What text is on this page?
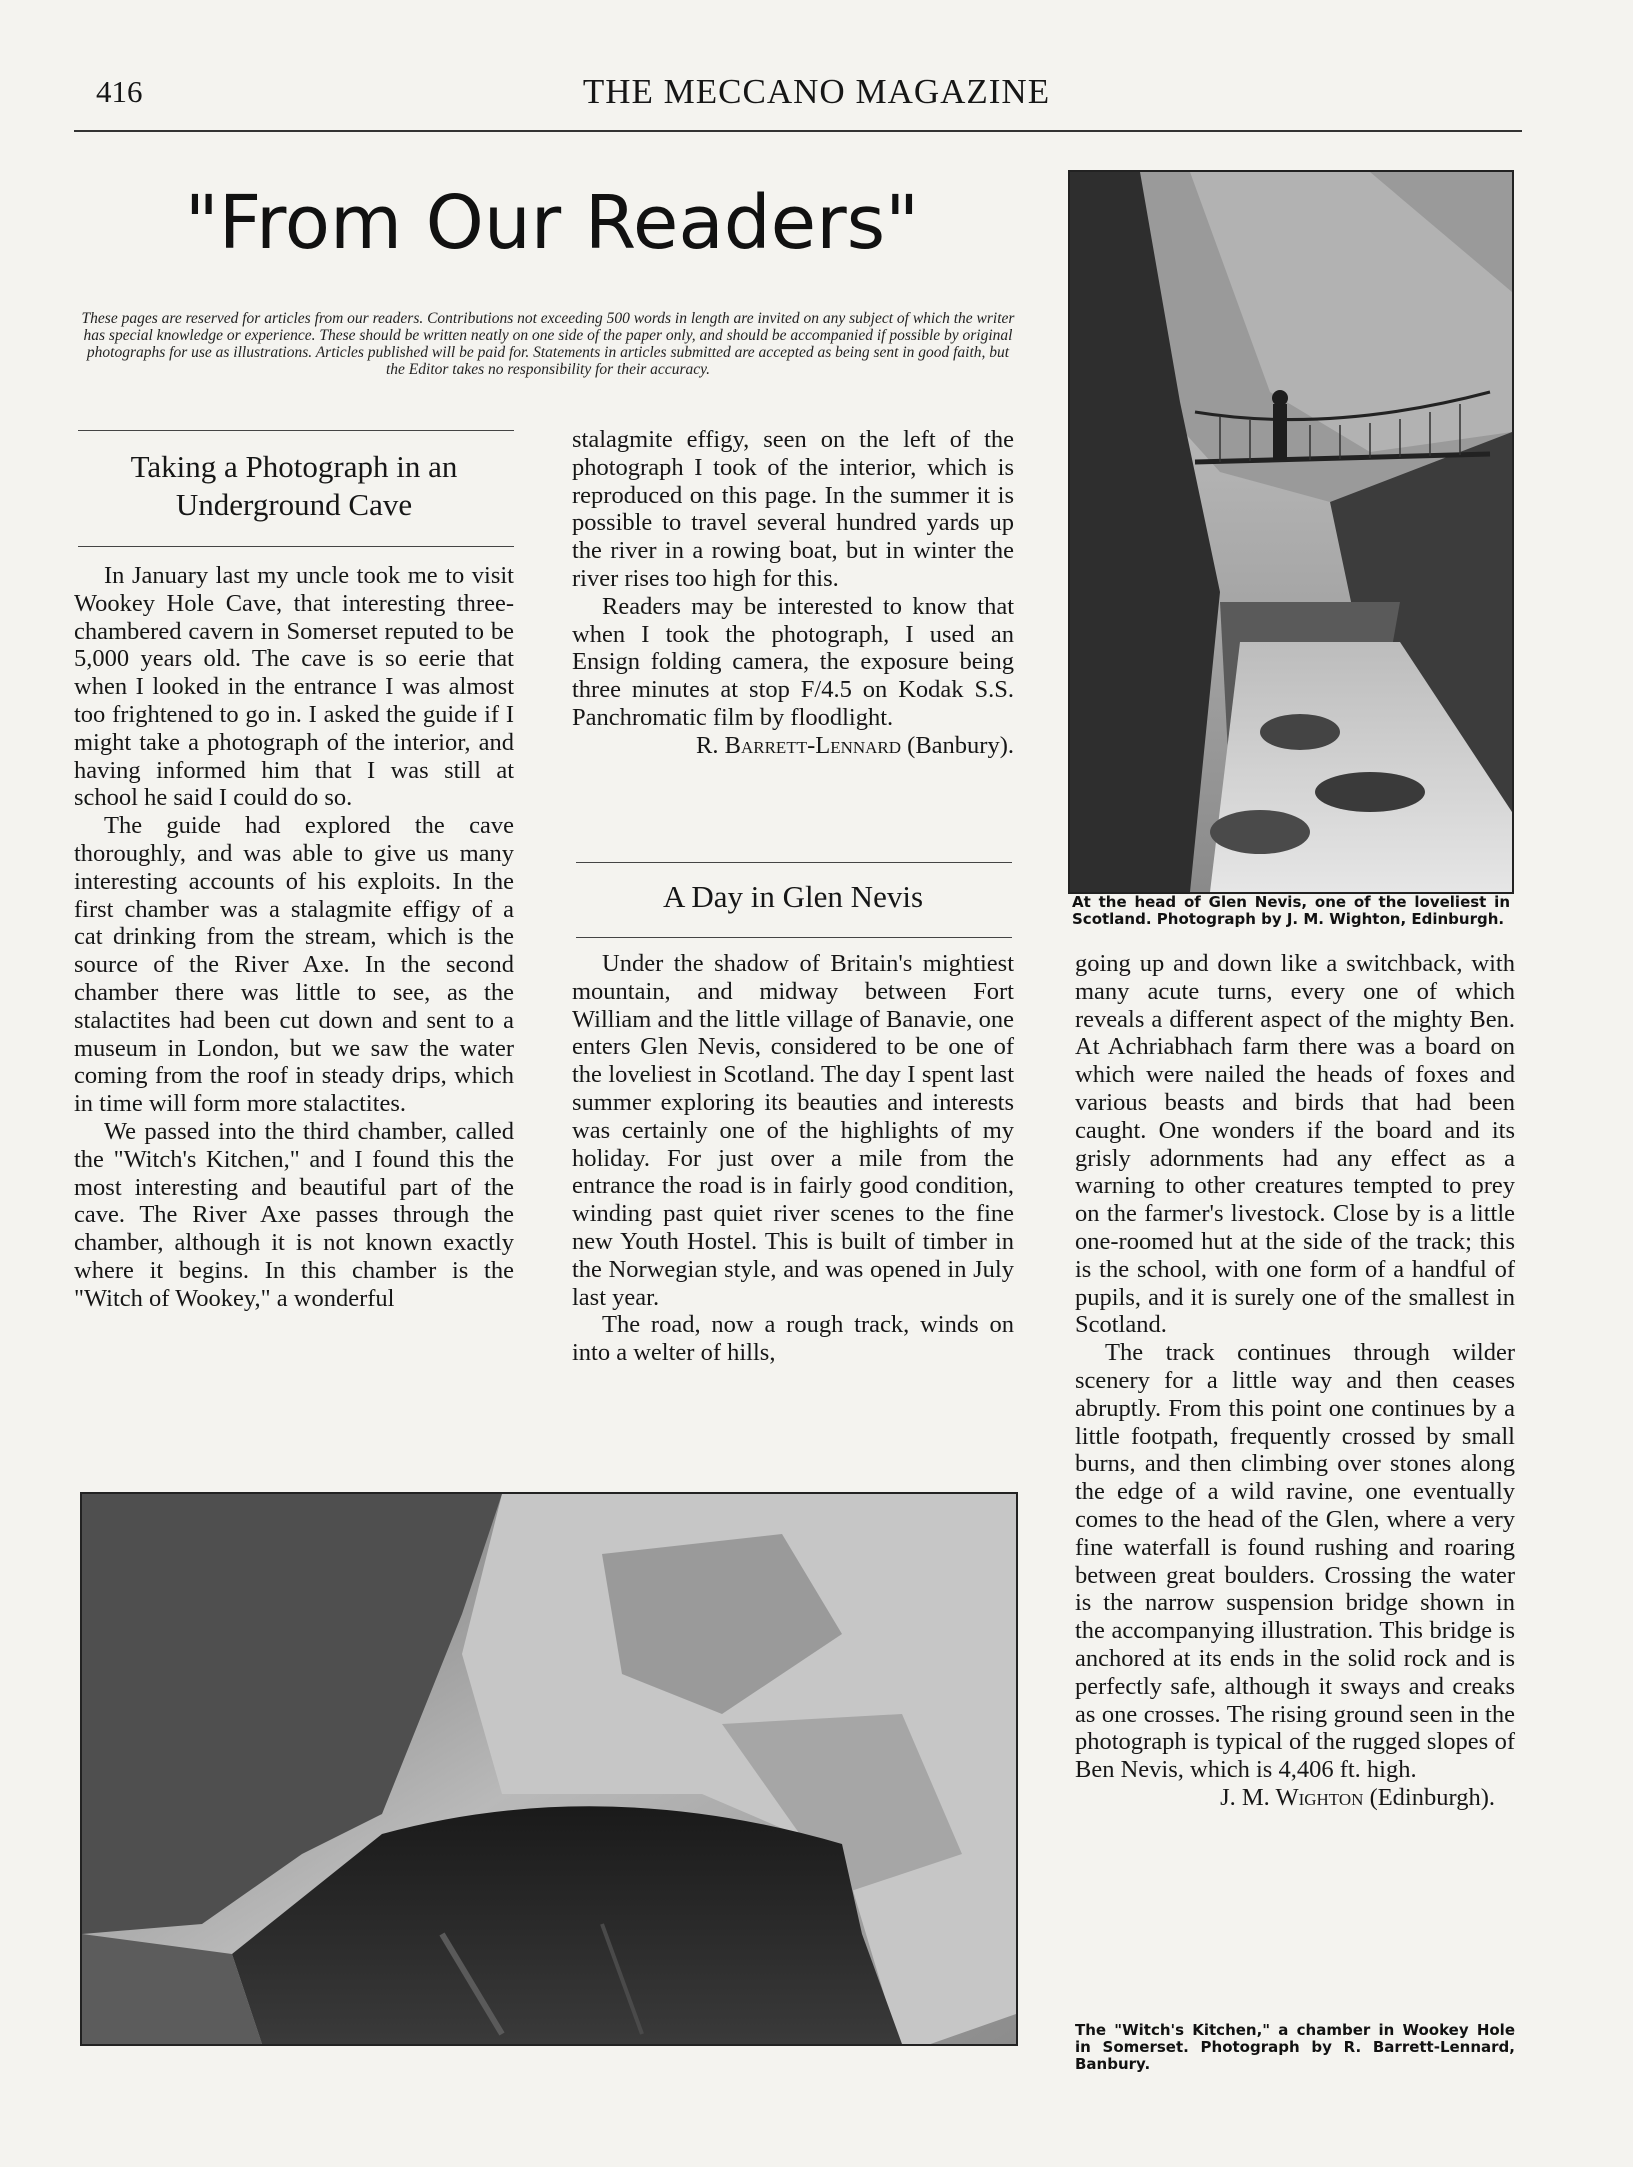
416	THE MECCANO MAGAZINE
"From Our Readers"
These pages are reserved for articles from our readers. Contributions not exceeding 500 words in length are invited on any subject of which the writer has special knowledge or experience. These should be written neatly on one side of the paper only, and should be accompanied if possible by original photographs for use as illustrations. Articles published will be paid for. Statements in articles submitted are accepted as being sent in good faith, but the Editor takes no responsibility for their accuracy.
Taking a Photograph in an
Underground Cave

In January last my uncle took me to visit Wookey Hole Cave, that interesting three-chambered cavern in Somerset reputed to be 5,000 years old. The cave is so eerie that when I looked in the entrance I was almost too frightened to go in. I asked the guide if I might take a photograph of the interior, and having informed him that I was still at school he said I could do so.

The guide had explored the cave thoroughly, and was able to give us many interesting accounts of his exploits. In the first chamber was a stalagmite effigy of a cat drinking from the stream, which is the source of the River Axe. In the second chamber there was little to see, as the stalactites had been cut down and sent to a museum in London, but we saw the water coming from the roof in steady drips, which in time will form more stalactites.

We passed into the third chamber, called the "Witch's Kitchen," and I found this the most interesting and beautiful part of the cave. The River Axe passes through the chamber, although it is not known exactly where it begins. In this chamber is the "Witch of Wookey," a wonderful

stalagmite effigy, seen on the left of the photograph I took of the interior, which is reproduced on this page. In the summer it is possible to travel several hundred yards up the river in a rowing boat, but in winter the river rises too high for this.

Readers may be interested to know that when I took the photograph, I used an Ensign folding camera, the exposure being three minutes at stop F/4.5 on Kodak S.S. Panchromatic film by floodlight.

R. Barrett-Lennard (Banbury).

A Day in Glen Nevis

Under the shadow of Britain's mightiest mountain, and midway between Fort William and the little village of Banavie, one enters Glen Nevis, considered to be one of the loveliest in Scotland. The day I spent last summer exploring its beauties and interests was certainly one of the highlights of my holiday. For just over a mile from the entrance the road is in fairly good condition, winding past quiet river scenes to the fine new Youth Hostel. This is built of timber in the Norwegian style, and was opened in July last year.

The road, now a rough track, winds on into a welter of hills,

At the head of Glen Nevis, one of the loveliest in Scotland. Photograph by J. M. Wighton, Edinburgh.

going up and down like a switchback, with many acute turns, every one of which reveals a different aspect of the mighty Ben. At Achriabhach farm there was a board on which were nailed the heads of foxes and various beasts and birds that had been caught. One wonders if the board and its grisly adornments had any effect as a warning to other creatures tempted to prey on the farmer's livestock. Close by is a little one-roomed hut at the side of the track; this is the school, with one form of a handful of pupils, and it is surely one of the smallest in Scotland.

The track continues through wilder scenery for a little way and then ceases abruptly. From this point one continues by a little footpath, frequently crossed by small burns, and then climbing over stones along the edge of a wild ravine, one eventually comes to the head of the Glen, where a very fine waterfall is found rushing and roaring between great boulders. Crossing the water is the narrow suspension bridge shown in the accompanying illustration. This bridge is anchored at its ends in the solid rock and is perfectly safe, although it sways and creaks as one crosses. The rising ground seen in the photograph is typical of the rugged slopes of Ben Nevis, which is 4,406 ft. high.

J. M. Wighton (Edinburgh).

The "Witch's Kitchen," a chamber in Wookey Hole in Somerset. Photograph by R. Barrett-Lennard, Banbury.
